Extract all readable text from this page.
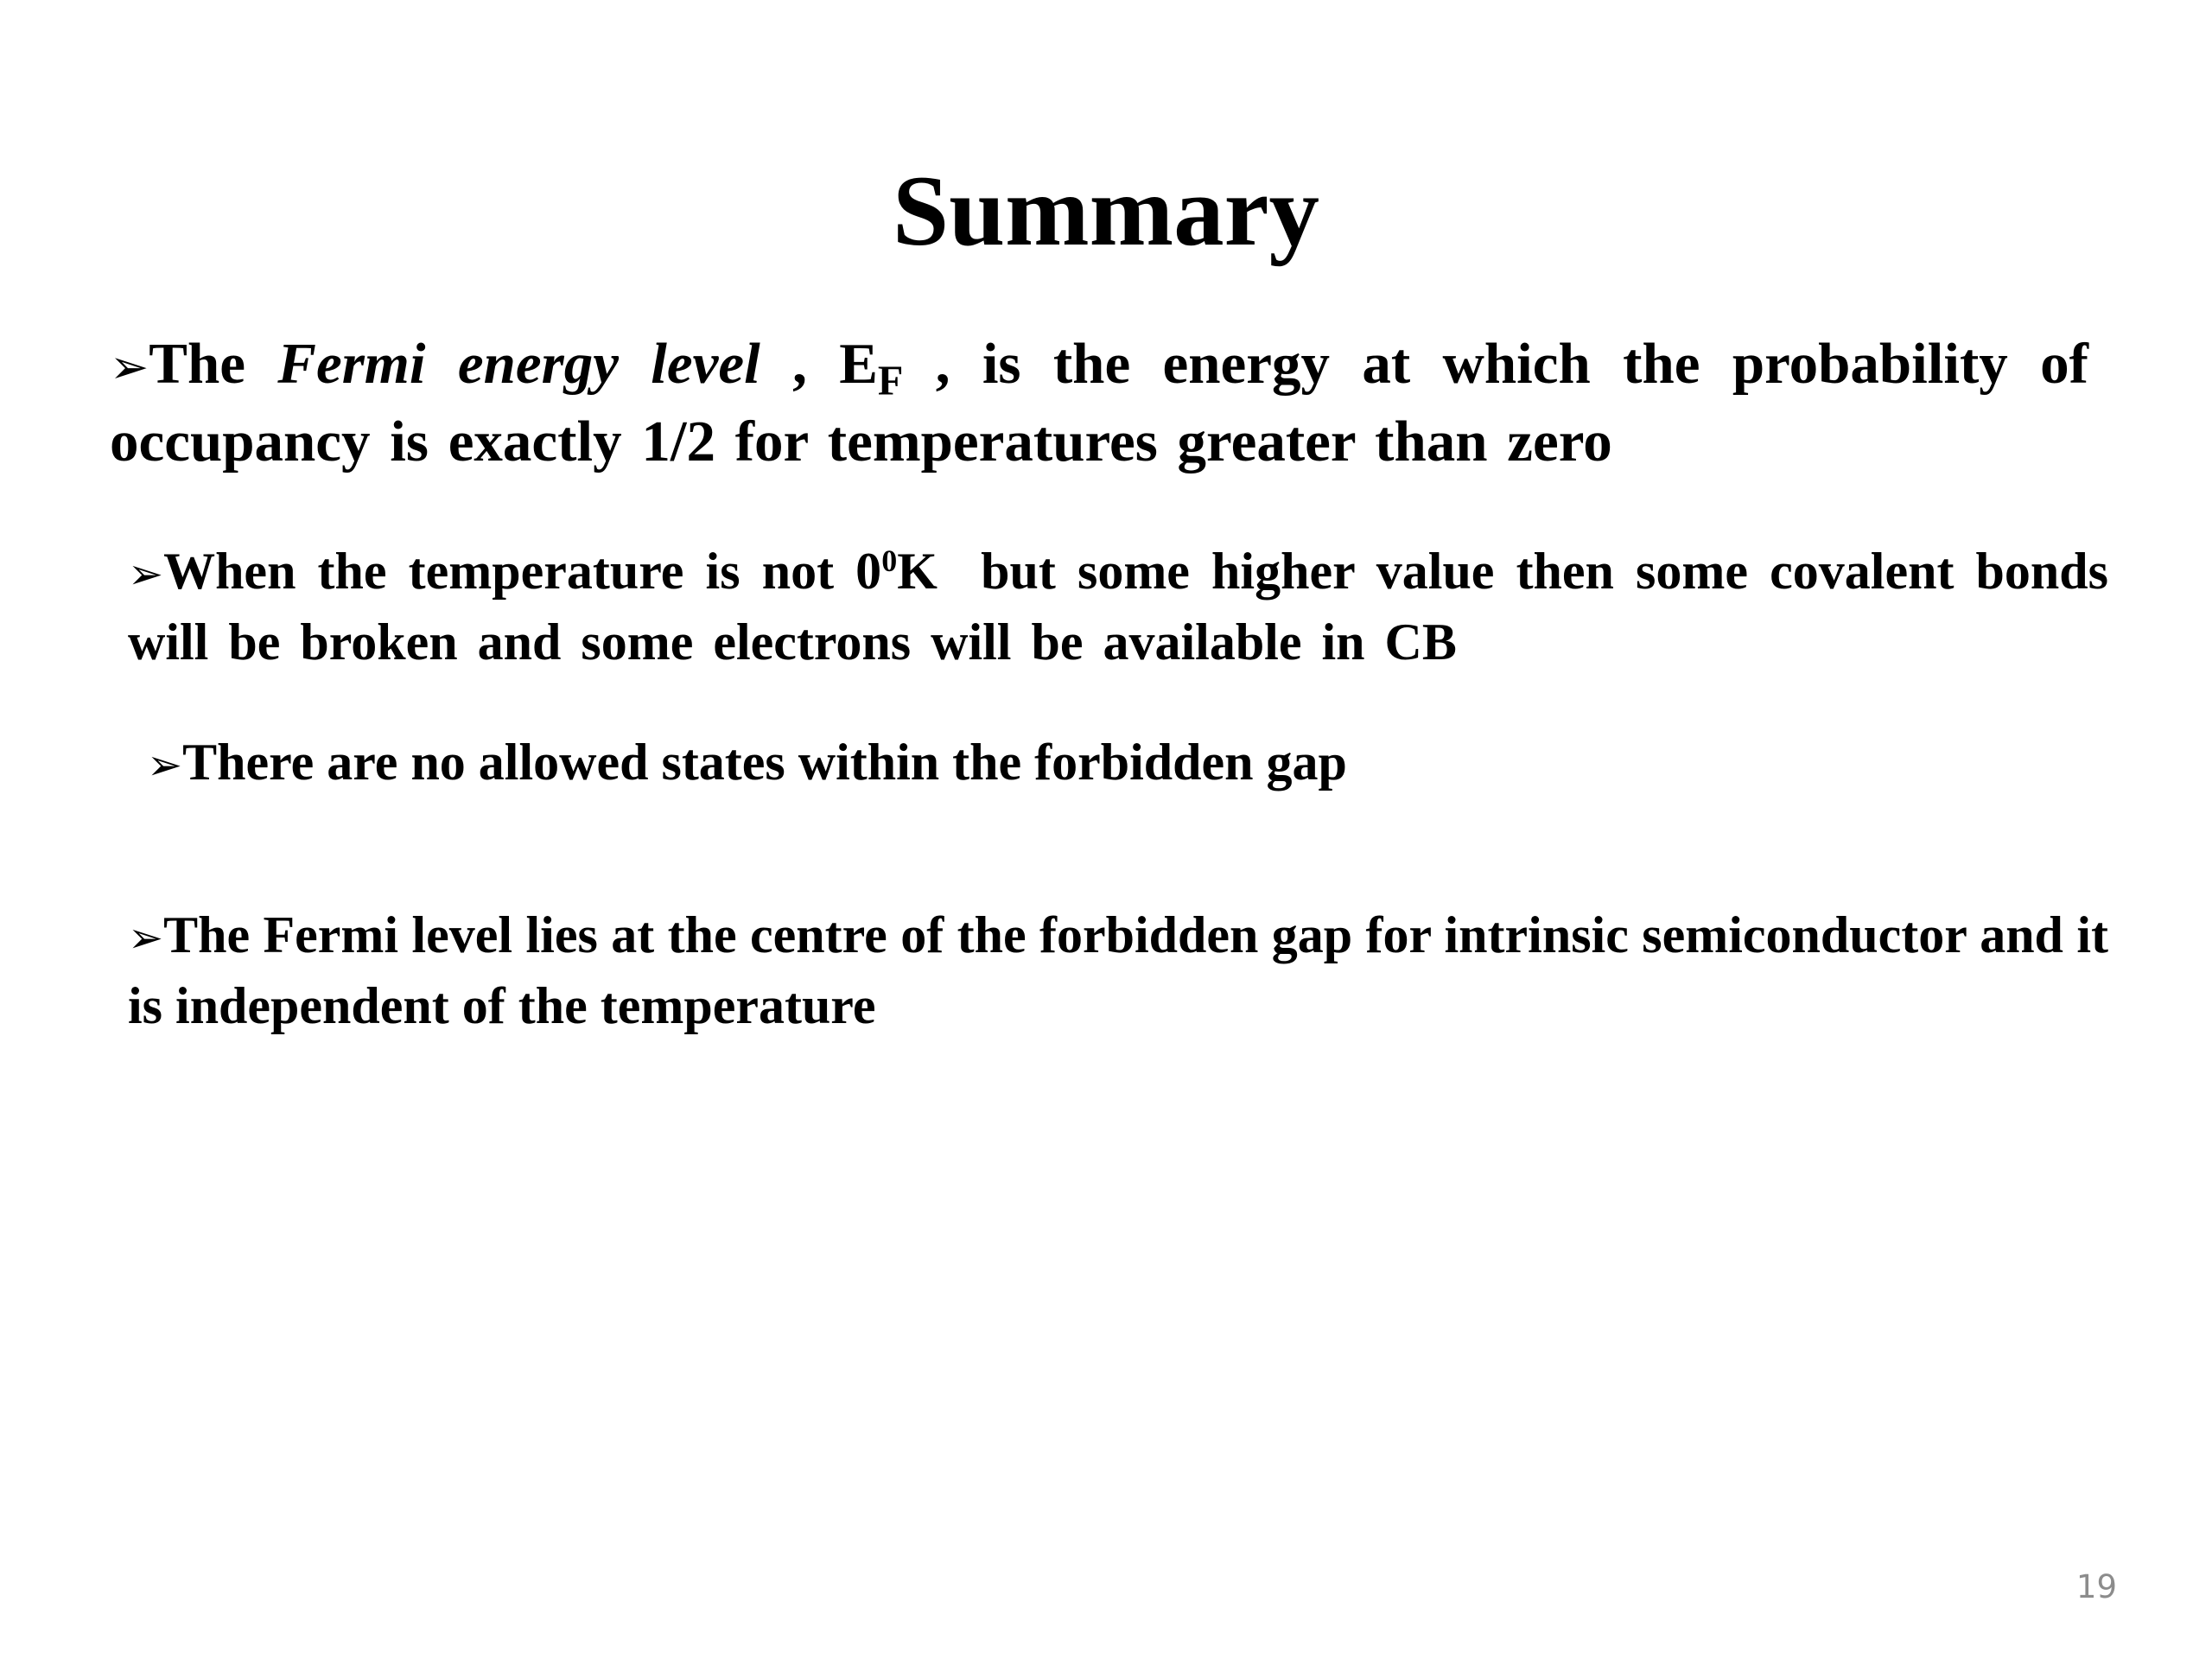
Summary

➢The Fermi energy level , $E_F$ , is the energy at which the probability of occupancy is exactly 1/2 for temperatures greater than zero

➢When the temperature is not $0^0K$  but some higher value then some covalent bonds will be broken and some electrons will be available in CB

➢There are no allowed states within the forbidden gap

➢The Fermi level lies at the centre of the forbidden gap for intrinsic semiconductor and it is independent of the temperature

19
